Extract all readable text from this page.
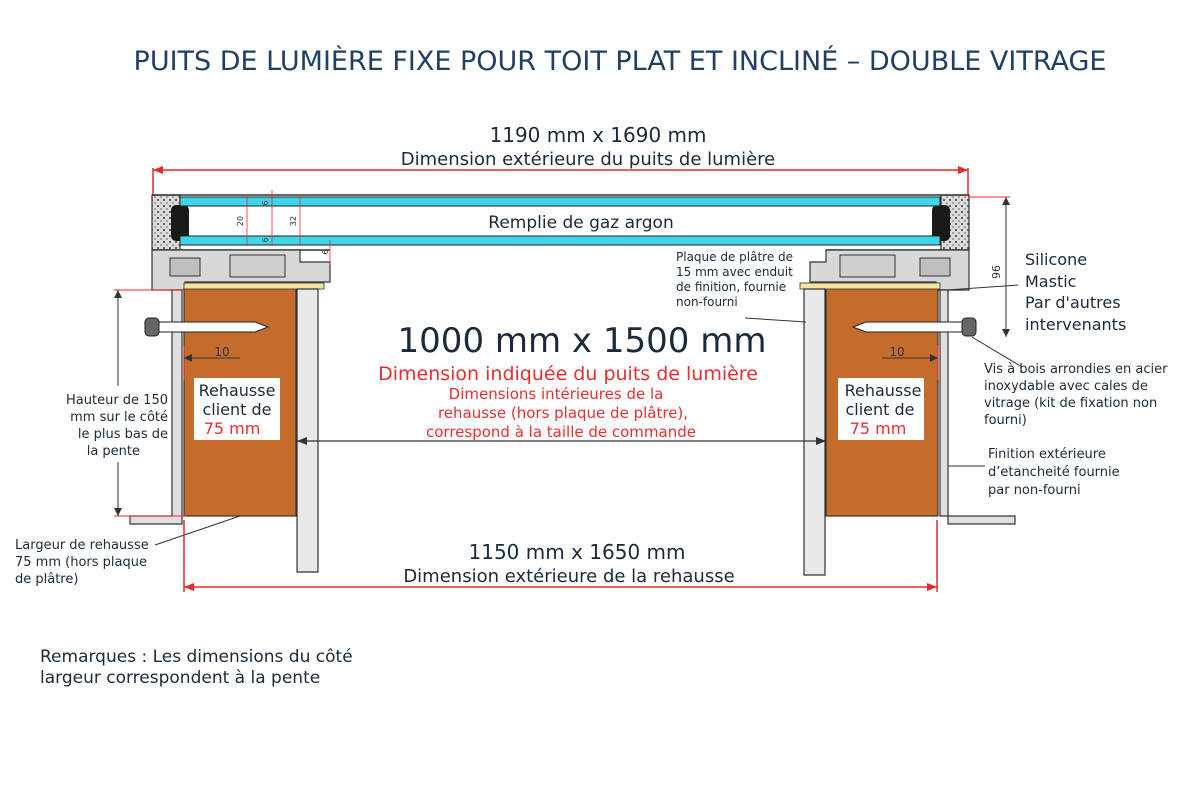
PUITS DE LUMIÈRE FIXE POUR TOIT PLAT ET INCLINÉ – DOUBLE VITRAGE
1190 mm x 1690 mm
Dimension extérieure du puits de lumière
Remplie de gaz argon
6
20	32
6
6
96
10	10
Rehausse
client de
75 mm
Rehausse
client de
75 mm
1000 mm x 1500 mm
Dimension indiquée du puits de lumière
Dimensions intérieures de la
rehausse (hors plaque de plâtre),
correspond à la taille de commande
Plaque de plâtre de
15 mm avec enduit
de finition, fournie
non-fourni
Silicone
Mastic
Par d'autres
intervenants
Vis à bois arrondies en acier
inoxydable avec cales de
vitrage (kit de fixation non
fourni)
Finition extérieure
d’etancheité fournie
par non-fourni
Hauteur de 150
mm sur le côté
le plus bas de
la pente
Largeur de rehausse
75 mm (hors plaque
de plâtre)
1150 mm x 1650 mm
Dimension extérieure de la rehausse
Remarques : Les dimensions du côté
largeur correspondent à la pente
